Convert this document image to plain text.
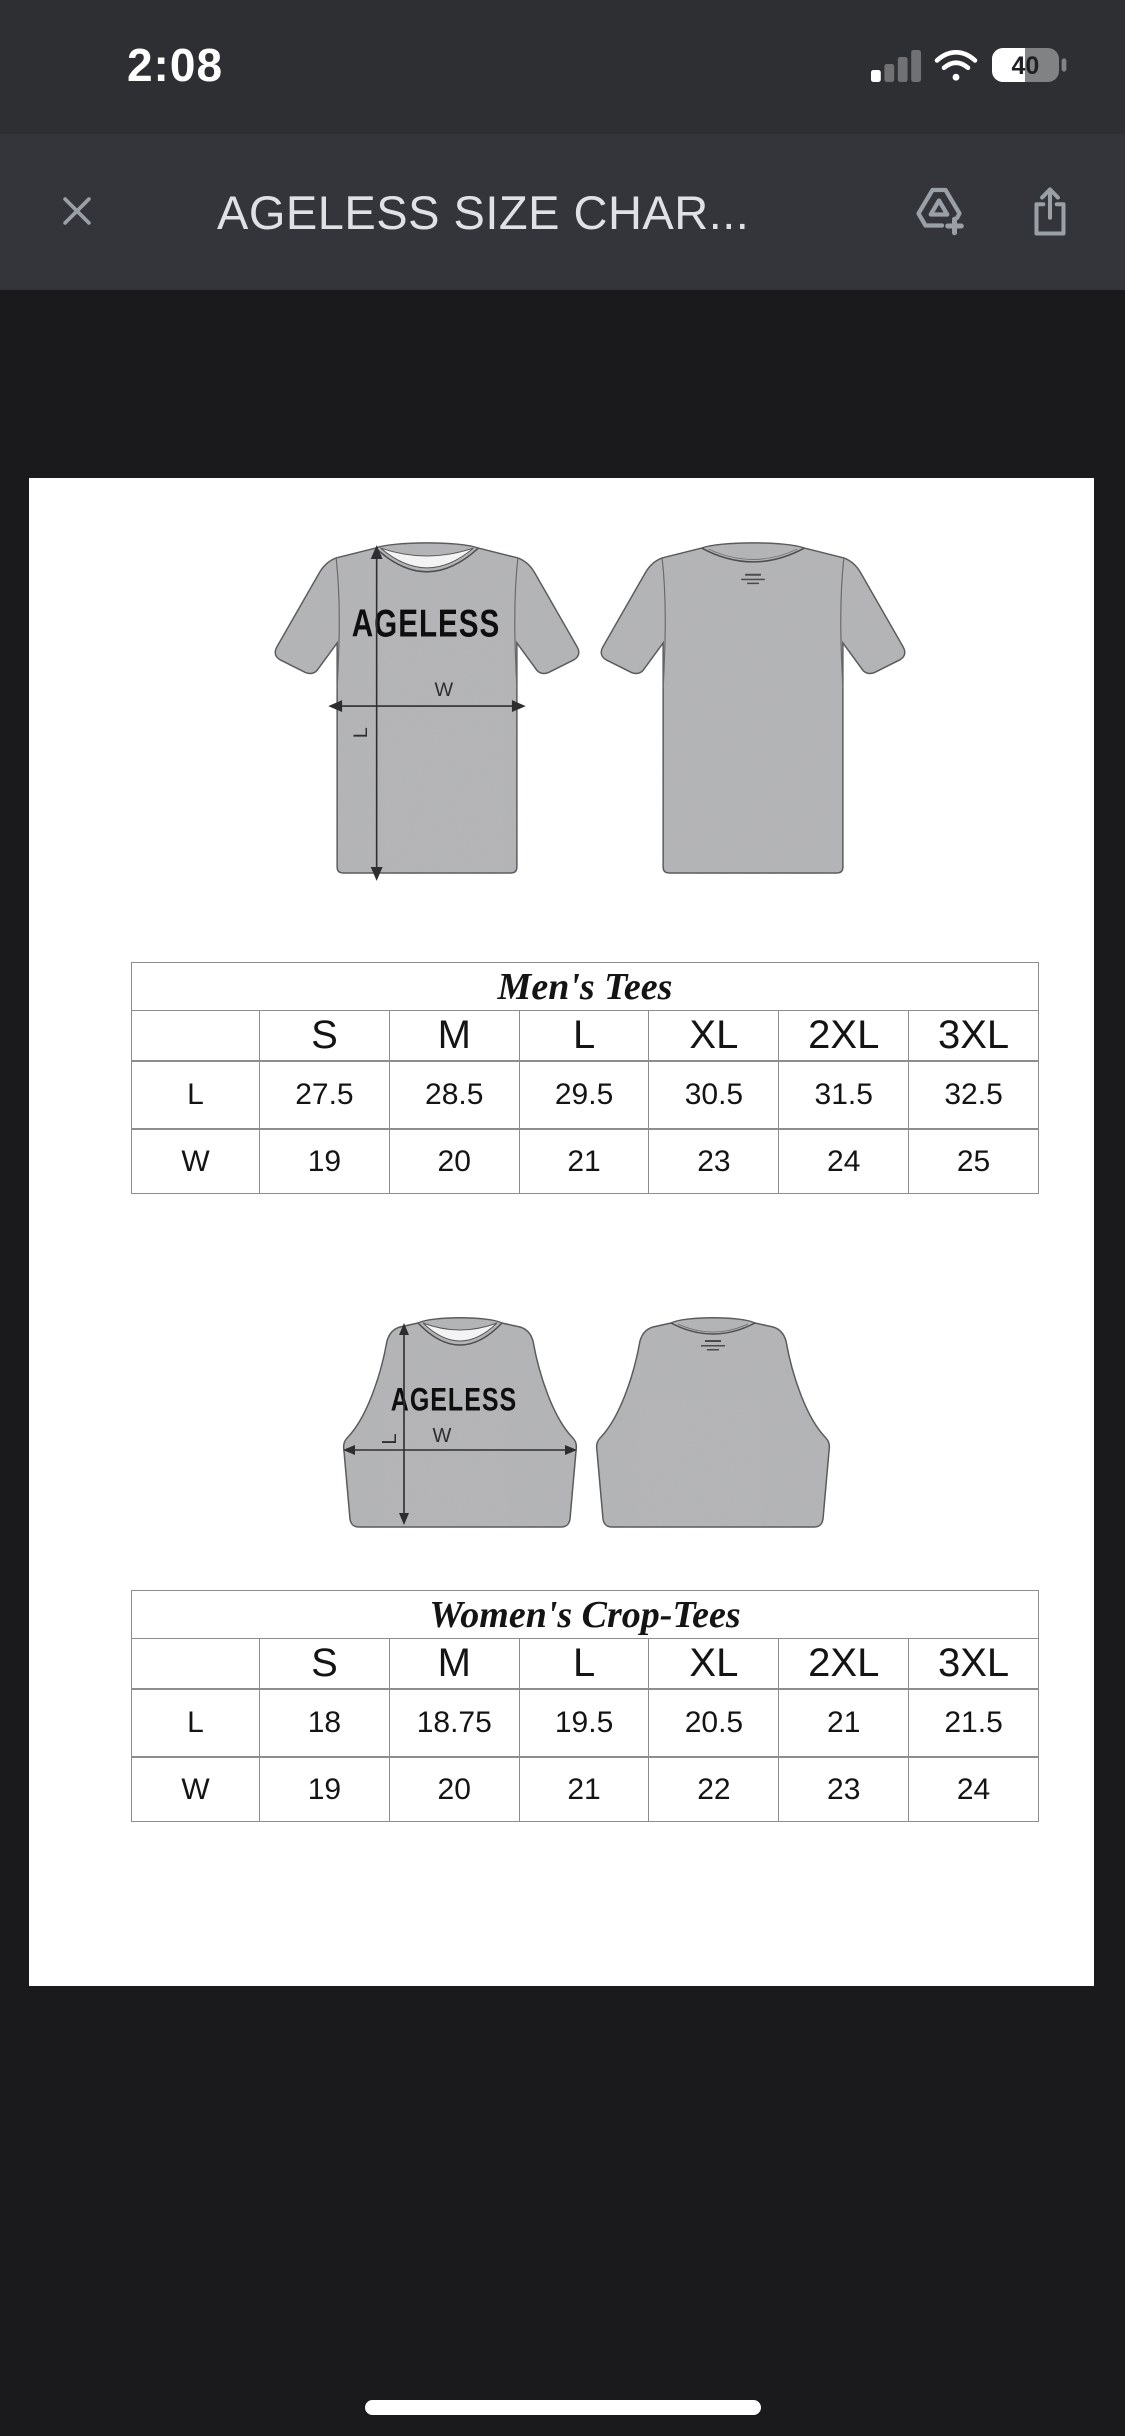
2:08	40
AGELESS SIZE CHAR...
AGELESS
W
L
Men's Tees						
	S	M	L	XL	2XL	3XL
L	27.5	28.5	29.5	30.5	31.5	32.5
W	19	20	21	23	24	25
AGELESS
W
L
Women's Crop-Tees						
	S	M	L	XL	2XL	3XL
L	18	18.75	19.5	20.5	21	21.5
W	19	20	21	22	23	24
